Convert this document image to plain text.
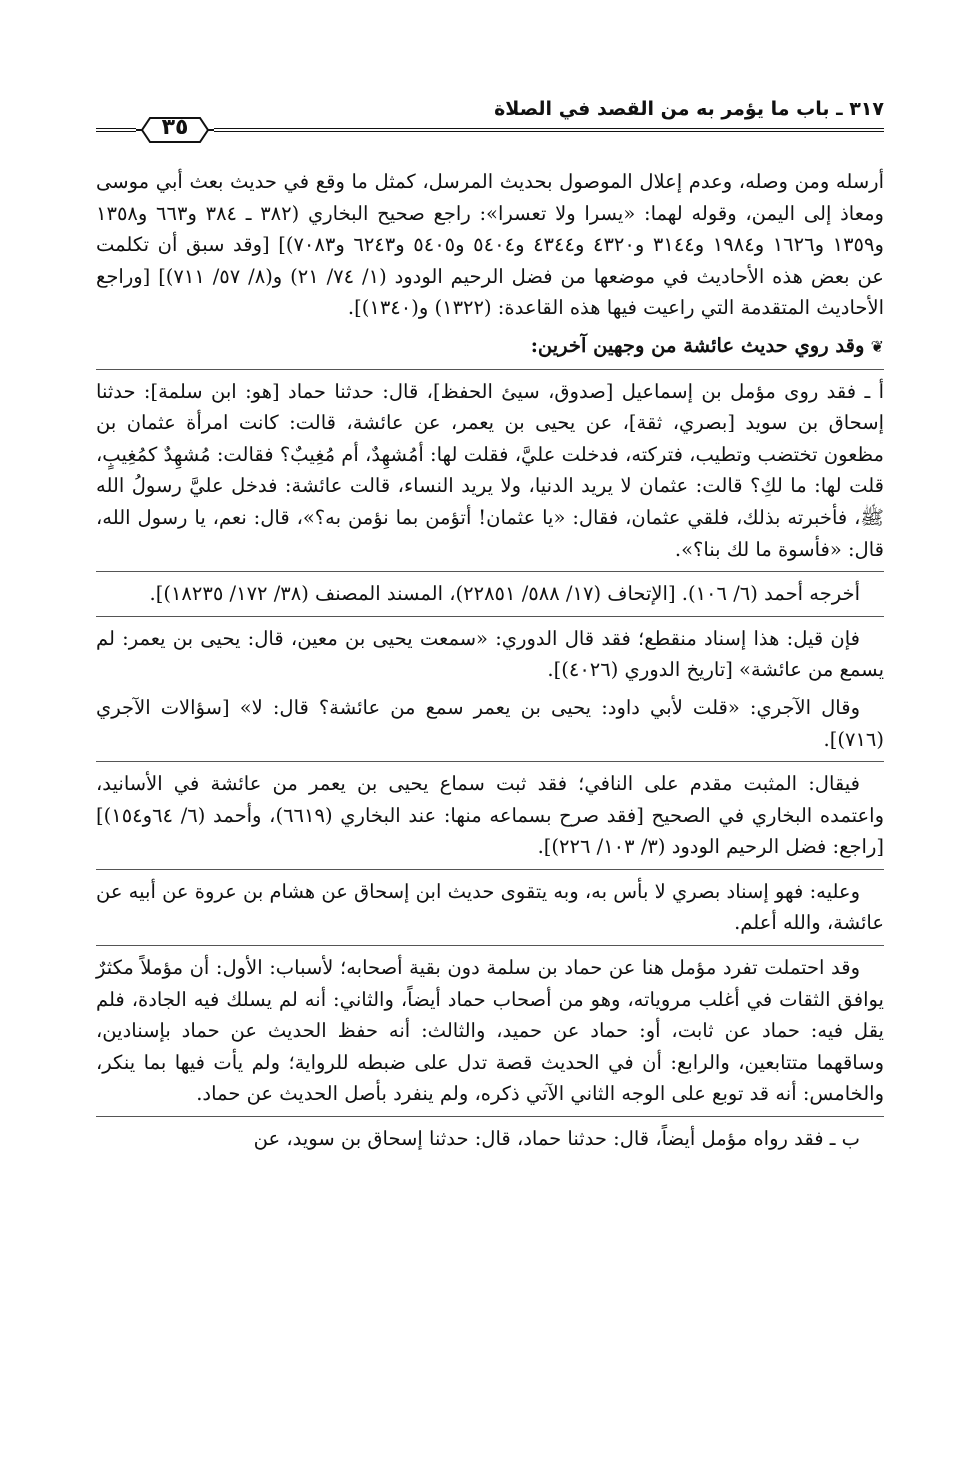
٣٥
٣١٧ ـ باب ما يؤمر به من القصد في الصلاة

أرسله ومن وصله، وعدم إعلال الموصول بحديث المرسل، كمثل ما وقع في حديث بعث أبي موسى ومعاذ إلى اليمن، وقوله لهما: «يسرا ولا تعسرا»: راجع صحيح البخاري (٣٨٢ ـ ٣٨٤ و٦٦٣ و١٣٥٨ و١٣٥٩ و١٦٢٦ و١٩٨٤ و٣١٤٤ و٤٣٢٠ و٤٣٤٤ و٥٤٠٤ و٥٤٠٥ و٦٢٤٣ و٧٠٨٣)] [وقد سبق أن تكلمت عن بعض هذه الأحاديث في موضعها من فضل الرحيم الودود (١/ ٧٤/ ٢١) و(٨/ ٥٧/ ٧١١)] [وراجع الأحاديث المتقدمة التي راعيت فيها هذه القاعدة: (١٣٢٢) و(١٣٤٠)].

❦ وقد روي حديث عائشة من وجهين آخرين:

أ ـ فقد روى مؤمل بن إسماعيل [صدوق، سيئ الحفظ]، قال: حدثنا حماد [هو: ابن سلمة]: حدثنا إسحاق بن سويد [بصري، ثقة]، عن يحيى بن يعمر، عن عائشة، قالت: كانت امرأة عثمان بن مظعون تختضب وتطيب، فتركته، فدخلت عليَّ، فقلت لها: أمُشهِدٌ، أم مُغِيبٌ؟ فقالت: مُشهِدٌ كمُغِيبٍ، قلت لها: ما لكِ؟ قالت: عثمان لا يريد الدنيا، ولا يريد النساء، قالت عائشة: فدخل عليَّ رسولُ الله ﷺ، فأخبرته بذلك، فلقي عثمان، فقال: «يا عثمان! أتؤمن بما نؤمن به؟»، قال: نعم، يا رسول الله، قال: «فأسوة ما لك بنا؟».

أخرجه أحمد (٦/ ١٠٦). [الإتحاف (١٧/ ٥٨٨/ ٢٢٨٥١)، المسند المصنف (٣٨/ ١٧٢/ ١٨٢٣٥)].

فإن قيل: هذا إسناد منقطع؛ فقد قال الدوري: «سمعت يحيى بن معين، قال: يحيى بن يعمر: لم يسمع من عائشة» [تاريخ الدوري (٤٠٢٦)].

وقال الآجري: «قلت لأبي داود: يحيى بن يعمر سمع من عائشة؟ قال: لا» [سؤالات الآجري (٧١٦)].

فيقال: المثبت مقدم على النافي؛ فقد ثبت سماع يحيى بن يعمر من عائشة في الأسانيد، واعتمده البخاري في الصحيح [فقد صرح بسماعه منها: عند البخاري (٦٦١٩)، وأحمد (٦/ ٦٤و١٥٤)] [راجع: فضل الرحيم الودود (٣/ ١٠٣/ ٢٢٦)].

وعليه: فهو إسناد بصري لا بأس به، وبه يتقوى حديث ابن إسحاق عن هشام بن عروة عن أبيه عن عائشة، والله أعلم.

وقد احتملت تفرد مؤمل هنا عن حماد بن سلمة دون بقية أصحابه؛ لأسباب: الأول: أن مؤملاً مكثرٌ يوافق الثقات في أغلب مروياته، وهو من أصحاب حماد أيضاً، والثاني: أنه لم يسلك فيه الجادة، فلم يقل فيه: حماد عن ثابت، أو: حماد عن حميد، والثالث: أنه حفظ الحديث عن حماد بإسنادين، وساقهما متتابعين، والرابع: أن في الحديث قصة تدل على ضبطه للرواية؛ ولم يأت فيها بما ينكر، والخامس: أنه قد توبع على الوجه الثاني الآتي ذكره، ولم ينفرد بأصل الحديث عن حماد.

ب ـ فقد رواه مؤمل أيضاً، قال: حدثنا حماد، قال: حدثنا إسحاق بن سويد، عن
